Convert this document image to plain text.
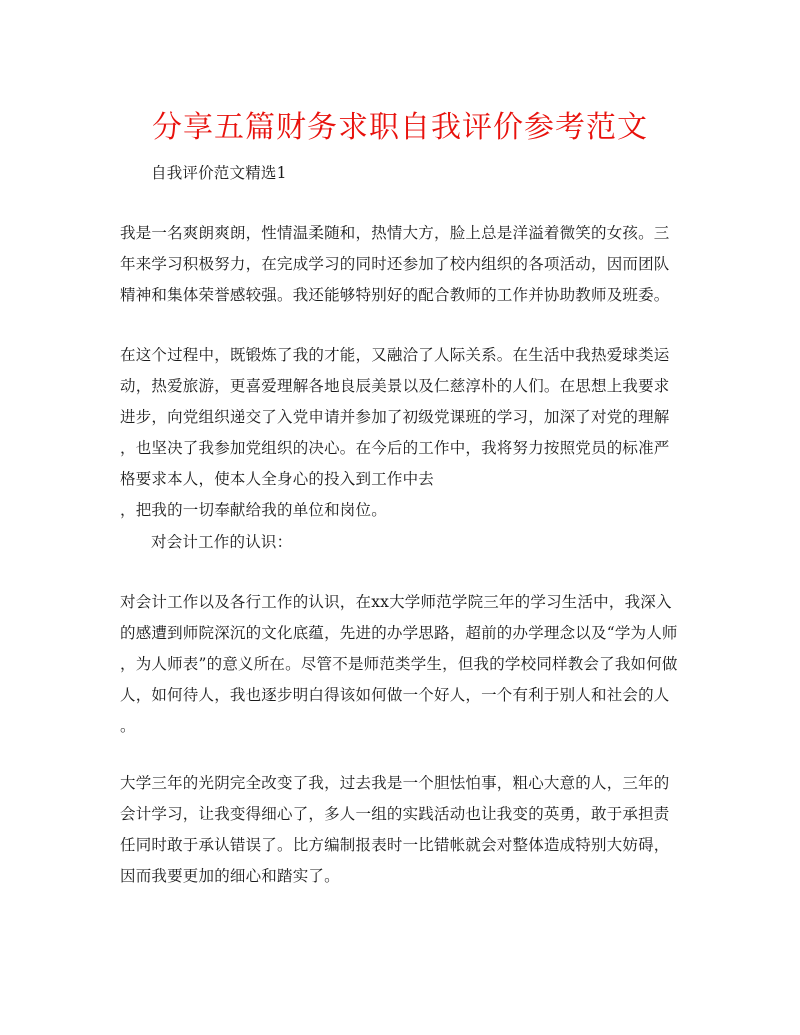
分享五篇财务求职自我评价参考范文
自我评价范文精选1
我是一名爽朗爽朗，性情温柔随和，热情大方，脸上总是洋溢着微笑的女孩。三
年来学习积极努力，在完成学习的同时还参加了校内组织的各项活动，因而团队
精神和集体荣誉感较强。我还能够特别好的配合教师的工作并协助教师及班委。
在这个过程中，既锻炼了我的才能，又融洽了人际关系。在生活中我热爱球类运
动，热爱旅游，更喜爱理解各地良辰美景以及仁慈淳朴的人们。在思想上我要求
进步，向党组织递交了入党申请并参加了初级党课班的学习，加深了对党的理解
，也坚决了我参加党组织的决心。在今后的工作中，我将努力按照党员的标准严
格要求本人，使本人全身心的投入到工作中去
，把我的一切奉献给我的单位和岗位。
对会计工作的认识：
对会计工作以及各行工作的认识，在xx大学师范学院三年的学习生活中，我深入
的感遭到师院深沉的文化底蕴，先进的办学思路，超前的办学理念以及“学为人师
，为人师表”的意义所在。尽管不是师范类学生，但我的学校同样教会了我如何做
人，如何待人，我也逐步明白得该如何做一个好人，一个有利于别人和社会的人
。
大学三年的光阴完全改变了我，过去我是一个胆怯怕事，粗心大意的人，三年的
会计学习，让我变得细心了，多人一组的实践活动也让我变的英勇，敢于承担责
任同时敢于承认错误了。比方编制报表时一比错帐就会对整体造成特别大妨碍，
因而我要更加的细心和踏实了。
